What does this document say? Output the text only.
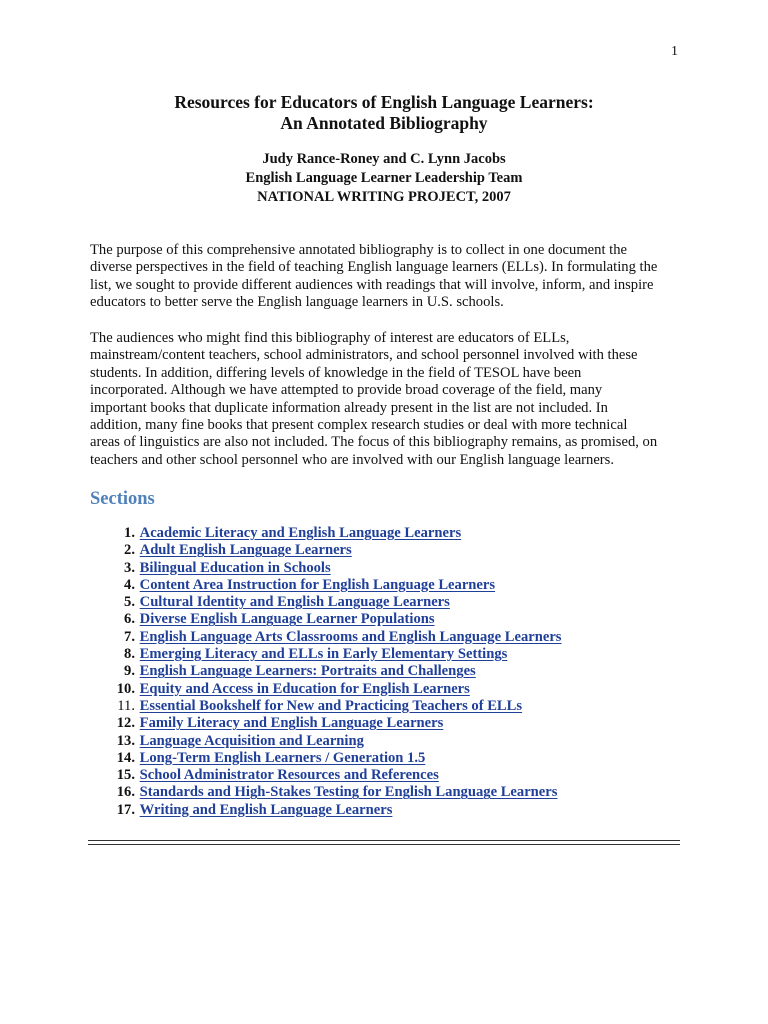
1
Resources for Educators of English Language Learners:
An Annotated Bibliography
Judy Rance-Roney and C. Lynn Jacobs
English Language Learner Leadership Team
NATIONAL WRITING PROJECT, 2007
The purpose of this comprehensive annotated bibliography is to collect in one document the
diverse perspectives in the field of teaching English language learners (ELLs). In formulating the
list, we sought to provide different audiences with readings that will involve, inform, and inspire
educators to better serve the English language learners in U.S. schools.
The audiences who might find this bibliography of interest are educators of ELLs,
mainstream/content teachers, school administrators, and school personnel involved with these
students. In addition, differing levels of knowledge in the field of TESOL have been
incorporated. Although we have attempted to provide broad coverage of the field, many
important books that duplicate information already present in the list are not included. In
addition, many fine books that present complex research studies or deal with more technical
areas of linguistics are also not included. The focus of this bibliography remains, as promised, on
teachers and other school personnel who are involved with our English language learners.
Sections
1. Academic Literacy and English Language Learners
2. Adult English Language Learners
3. Bilingual Education in Schools
4. Content Area Instruction for English Language Learners
5. Cultural Identity and English Language Learners
6. Diverse English Language Learner Populations
7. English Language Arts Classrooms and English Language Learners
8. Emerging Literacy and ELLs in Early Elementary Settings
9. English Language Learners: Portraits and Challenges
10. Equity and Access in Education for English Learners
11. Essential Bookshelf for New and Practicing Teachers of ELLs
12. Family Literacy and English Language Learners
13. Language Acquisition and Learning
14. Long-Term English Learners / Generation 1.5
15. School Administrator Resources and References
16. Standards and High-Stakes Testing for English Language Learners
17. Writing and English Language Learners
